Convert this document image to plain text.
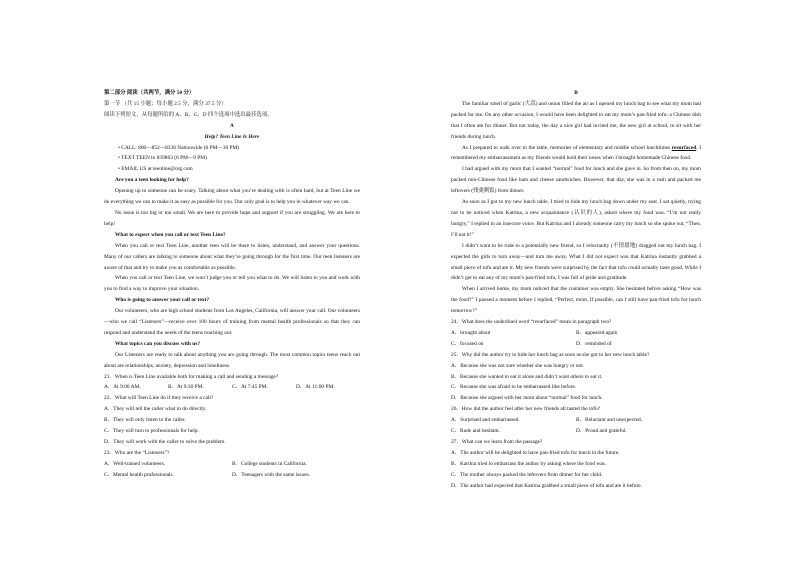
第二部分 阅读（共两节，满分 50 分）
第一节 （共 15 小题；每小题 2.5 分，满分 37.5 分）
阅读下列短文，从每题所给的 A、B、C、D 四个选项中选出最佳选项。
A
Help? Teen Line Is Here
• CALL: 800—852—8336 Nationwide (6 PM—10 PM)
• TEXT TEEN to 839863 (6 PM—9 PM)
• EMAIL US at teenline@org.com

Are you a teen looking for help?

Opening up to someone can be scary. Talking about what you’re dealing with is often hard, but at Teen Line we do everything we can to make it as easy as possible for you. Our only goal is to help you in whatever way we can.

No issue is too big or too small. We are here to provide hope and support if you are struggling. We are here to help!

What to expect when you call or text Teen Line?

When you call or text Teen Line, another teen will be there to listen, understand, and answer your questions. Many of our callers are talking to someone about what they’re going through for the first time. Our teen listeners are aware of that and try to make you as comfortable as possible.

When you call or text Teen Line, we won’t judge you or tell you what to do. We will listen to you and work with you to find a way to improve your situation.

Who is going to answer your call or text?

Our volunteers, who are high school students from Los Angeles, California, will answer your call. Our volunteers—who we call “Listeners”—receive over 100 hours of training from mental health professionals so that they can respond and understand the needs of the teens reaching out.

What topics can you discuss with us?

Our Listeners are ready to talk about anything you are going through. The most common topics teens reach out about are relationships, anxiety, depression and loneliness.

21．When is Teen Line available both for making a call and sending a message?
A．At 9:00 AM.	B．At 9:30 PM.	C．At 7:45 PM.	D．At 11:00 PM.
22．What will Teen Line do if they receive a call?
A．They will tell the caller what to do directly.
B．They will only listen to the caller.
C．They will turn to professionals for help.
D．They will work with the caller to solve the problem.
23．Who are the “Listeners”?
A．Well-trained volunteers.	B．College students in California.
C．Mental health professionals.	D．Teenagers with the same issues.
B

The familiar smell of garlic (大蒜) and onion filled the air as I opened my lunch bag to see what my mom had packed for me. On any other occasion, I would have been delighted to eat my mom’s pan-fried tofu: a Chinese dish that I often ate for dinner. But not today, the day a nice girl had invited me, the new girl at school, to sit with her friends during lunch.

As I prepared to walk over to the table, memories of elementary and middle school lunchtimes resurfaced. I remembered my embarrassment as my friends would hold their noses when I brought homemade Chinese food.

I had argued with my mom that I wanted “normal” food for lunch and she gave in. So from then on, my mom packed non-Chinese food like ham and cheese sandwiches. However, that day, she was in a rush and packed me leftovers (残羹剩饭) from dinner.

As soon as I got to my new lunch table, I tried to hide my lunch bag down under my seat. I sat quietly, trying not to be noticed when Katrina, a new acquaintance (认识的人), asked where my food was. “I’m not really hungry,” I replied in an insecure voice. But Katrina and I already someone carry my lunch so she spoke out, “Then, I’ll eat it!”

I didn’t want to be rude to a potentially new friend, so I reluctantly (不情愿地) dragged out my lunch bag. I expected the girls to turn away—and turn me away. What I did not expect was that Katrina instantly grabbed a small piece of tofu and ate it. My new friends were surprised by the fact that tofu could actually taste good. While I didn’t get to eat any of my mom’s pan-fried tofu, I was full of pride and gratitude.

When I arrived home, my mom noticed that the container was empty. She hesitated before asking “How was the food?” I paused a moment before I replied, “Perfect, mom. If possible, can I still have pan-fried tofu for lunch tomorrow?”

24．What does the underlined word “resurfaced” mean in paragraph two?
A．brought about	B．appeared again
C．focused on	D．reminded of
25．Why did the author try to hide her lunch bag as soon as she got to her new lunch table?
A．Because she was not sure whether she was hungry or not.
B．Because she wanted to eat it alone and didn’t want others to eat it.
C．Because she was afraid to be embarrassed like before.
D．Because she argued with her mom about “normal” food for lunch.
26．How did the author feel after her new friends all tasted the tofu?
A．Surprised and embarrassed.	B．Reluctant and unexpected.
C．Rude and hesitant.	D．Proud and grateful.
27．What can we learn from the passage?
A．The author will be delighted to have pan-fried tofu for lunch in the future.
B．Katrina tried to embarrass the author by asking where the food was.
C．The mother always packed the leftovers from dinner for her child.
D．The author had expected that Katrina grabbed a small piece of tofu and ate it before.
